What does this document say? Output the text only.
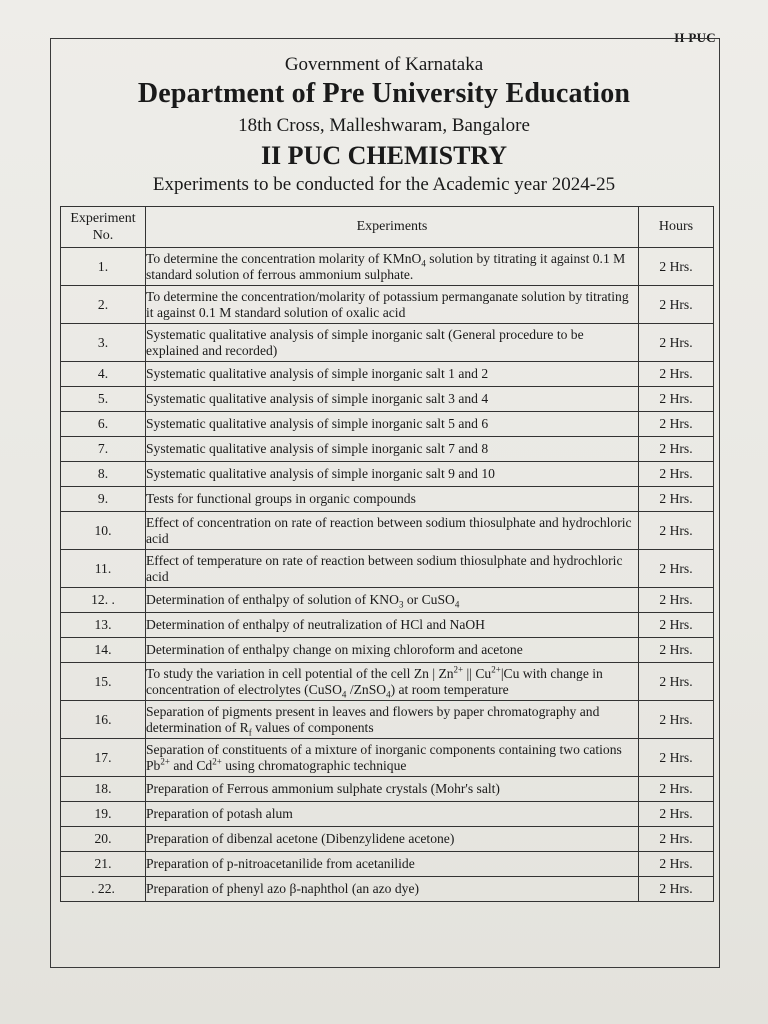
II PUC
Government of Karnataka
Department of Pre University Education
18th Cross, Malleshwaram, Bangalore
II PUC CHEMISTRY
Experiments to be conducted for the Academic year 2024-25
Experiment No.	Experiments	Hours
1.	To determine the concentration molarity of KMnO$_4$ solution by titrating it against 0.1 M standard solution of ferrous ammonium sulphate.	2 Hrs.
2.	To determine the concentration/molarity of potassium permanganate solution by titrating it against 0.1 M standard solution of oxalic acid	2 Hrs.
3.	Systematic qualitative analysis of simple inorganic salt (General procedure to be explained and recorded)	2 Hrs.
4.	Systematic qualitative analysis of simple inorganic salt 1 and 2	2 Hrs.
5.	Systematic qualitative analysis of simple inorganic salt 3 and 4	2 Hrs.
6.	Systematic qualitative analysis of simple inorganic salt 5 and 6	2 Hrs.
7.	Systematic qualitative analysis of simple inorganic salt 7 and 8	2 Hrs.
8.	Systematic qualitative analysis of simple inorganic salt 9 and 10	2 Hrs.
9.	Tests for functional groups in organic compounds	2 Hrs.
10.	Effect of concentration on rate of reaction between sodium thiosulphate and hydrochloric acid	2 Hrs.
11.	Effect of temperature on rate of reaction between sodium thiosulphate and hydrochloric acid	2 Hrs.
12. .	Determination of enthalpy of solution of $KNO_3$ or CuSO$_4$	2 Hrs.
13.	Determination of enthalpy of neutralization of HCl and NaOH	2 Hrs.
14.	Determination of enthalpy change on mixing chloroform and acetone	2 Hrs.
15.	To study the variation in cell potential of the cell Zn | $Zn^{2+}$ || $Cu^{2+}|Cu$ with change in concentration of electrolytes (CuSO$_4$ /ZnSO$_4$) at room temperature	2 Hrs.
16.	Separation of pigments present in leaves and flowers by paper chromatography and determination of $R_f$ values of components	2 Hrs.
17.	Separation of constituents of a mixture of inorganic components containing two cations $Pb^{2+}$ and $Cd^{2+}$ using chromatographic technique	2 Hrs.
18.	Preparation of Ferrous ammonium sulphate crystals (Mohr's salt)	2 Hrs.
19.	Preparation of potash alum	2 Hrs.
20.	Preparation of dibenzal acetone (Dibenzylidene acetone)	2 Hrs.
21.	Preparation of p-nitroacetanilide from acetanilide	2 Hrs.
. 22.	Preparation of phenyl azo β-naphthol (an azo dye)	2 Hrs.
